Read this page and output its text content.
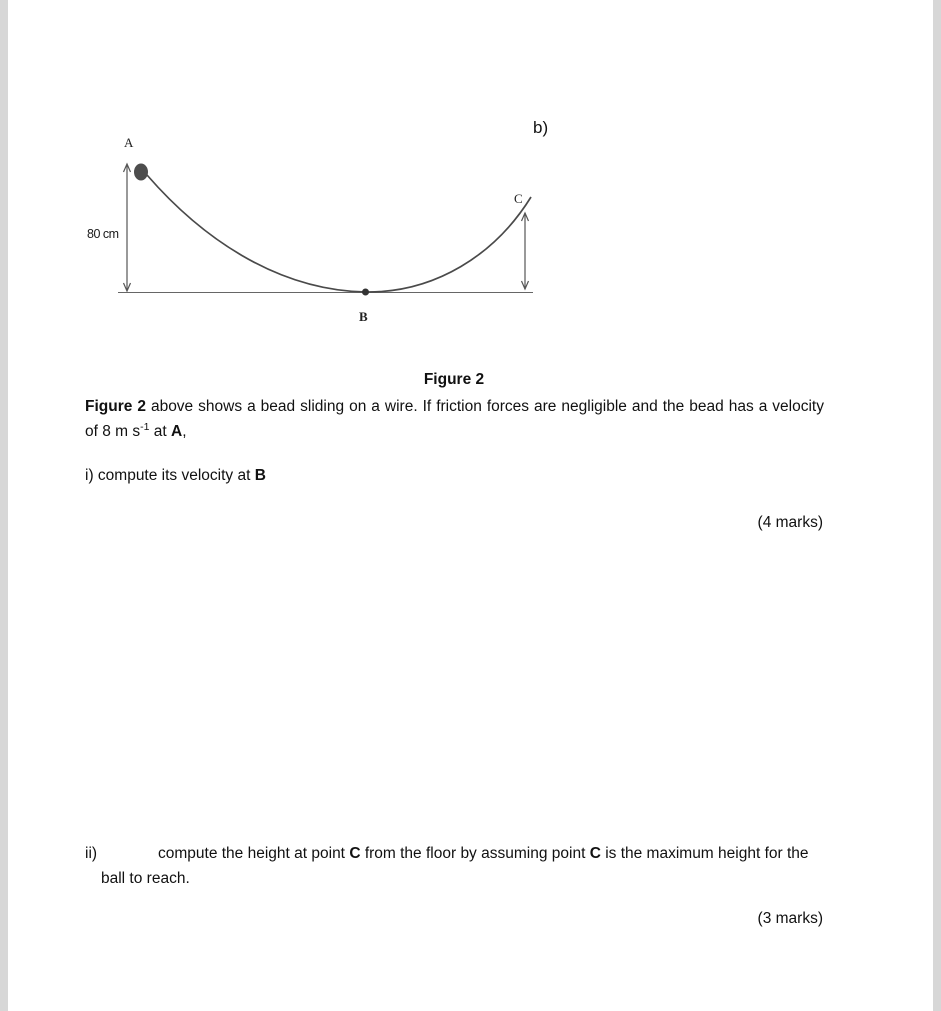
b)
A
80 cm
B
C
Figure 2
Figure 2 above shows a bead sliding on a wire. If friction forces are negligible and the bead has a velocity of 8 m $s^{-1}$ at A,
i) compute its velocity at B
(4 marks)
ii)	compute the height at point C from the floor by assuming point C is the maximum height for the ball to reach.
(3 marks)
